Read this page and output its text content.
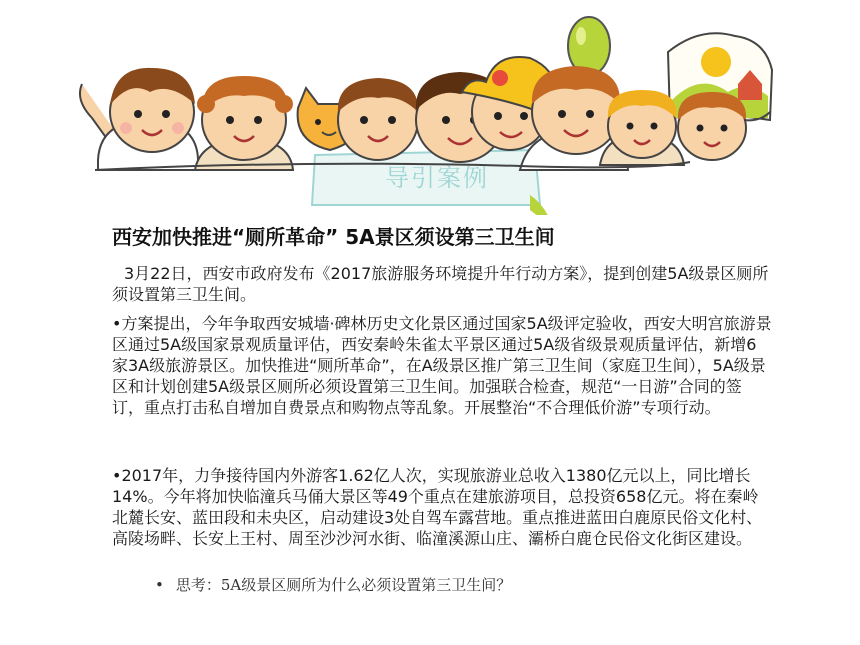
导引案例
西安加快推进“厕所革命” 5A景区须设第三卫生间

3月22日，西安市政府发布《2017旅游服务环境提升年行动方案》，提到创建5A级景区厕所须设置第三卫生间。

•方案提出，今年争取西安城墙·碑林历史文化景区通过国家5A级评定验收，西安大明宫旅游景区通过5A级国家景观质量评估，西安秦岭朱雀太平景区通过5A级省级景观质量评估，新增6家3A级旅游景区。加快推进“厕所革命”，在A级景区推广第三卫生间（家庭卫生间），5A级景区和计划创建5A级景区厕所必须设置第三卫生间。加强联合检查，规范“一日游”合同的签订，重点打击私自增加自费景点和购物点等乱象。开展整治“不合理低价游”专项行动。

•2017年，力争接待国内外游客1.62亿人次，实现旅游业总收入1380亿元以上，同比增长14%。今年将加快临潼兵马俑大景区等49个重点在建旅游项目，总投资658亿元。将在秦岭北麓长安、蓝田段和未央区，启动建设3处自驾车露营地。重点推进蓝田白鹿原民俗文化村、高陵场畔、长安上王村、周至沙沙河水街、临潼溪源山庄、灞桥白鹿仓民俗文化街区建设。

• 思考：5A级景区厕所为什么必须设置第三卫生间？
